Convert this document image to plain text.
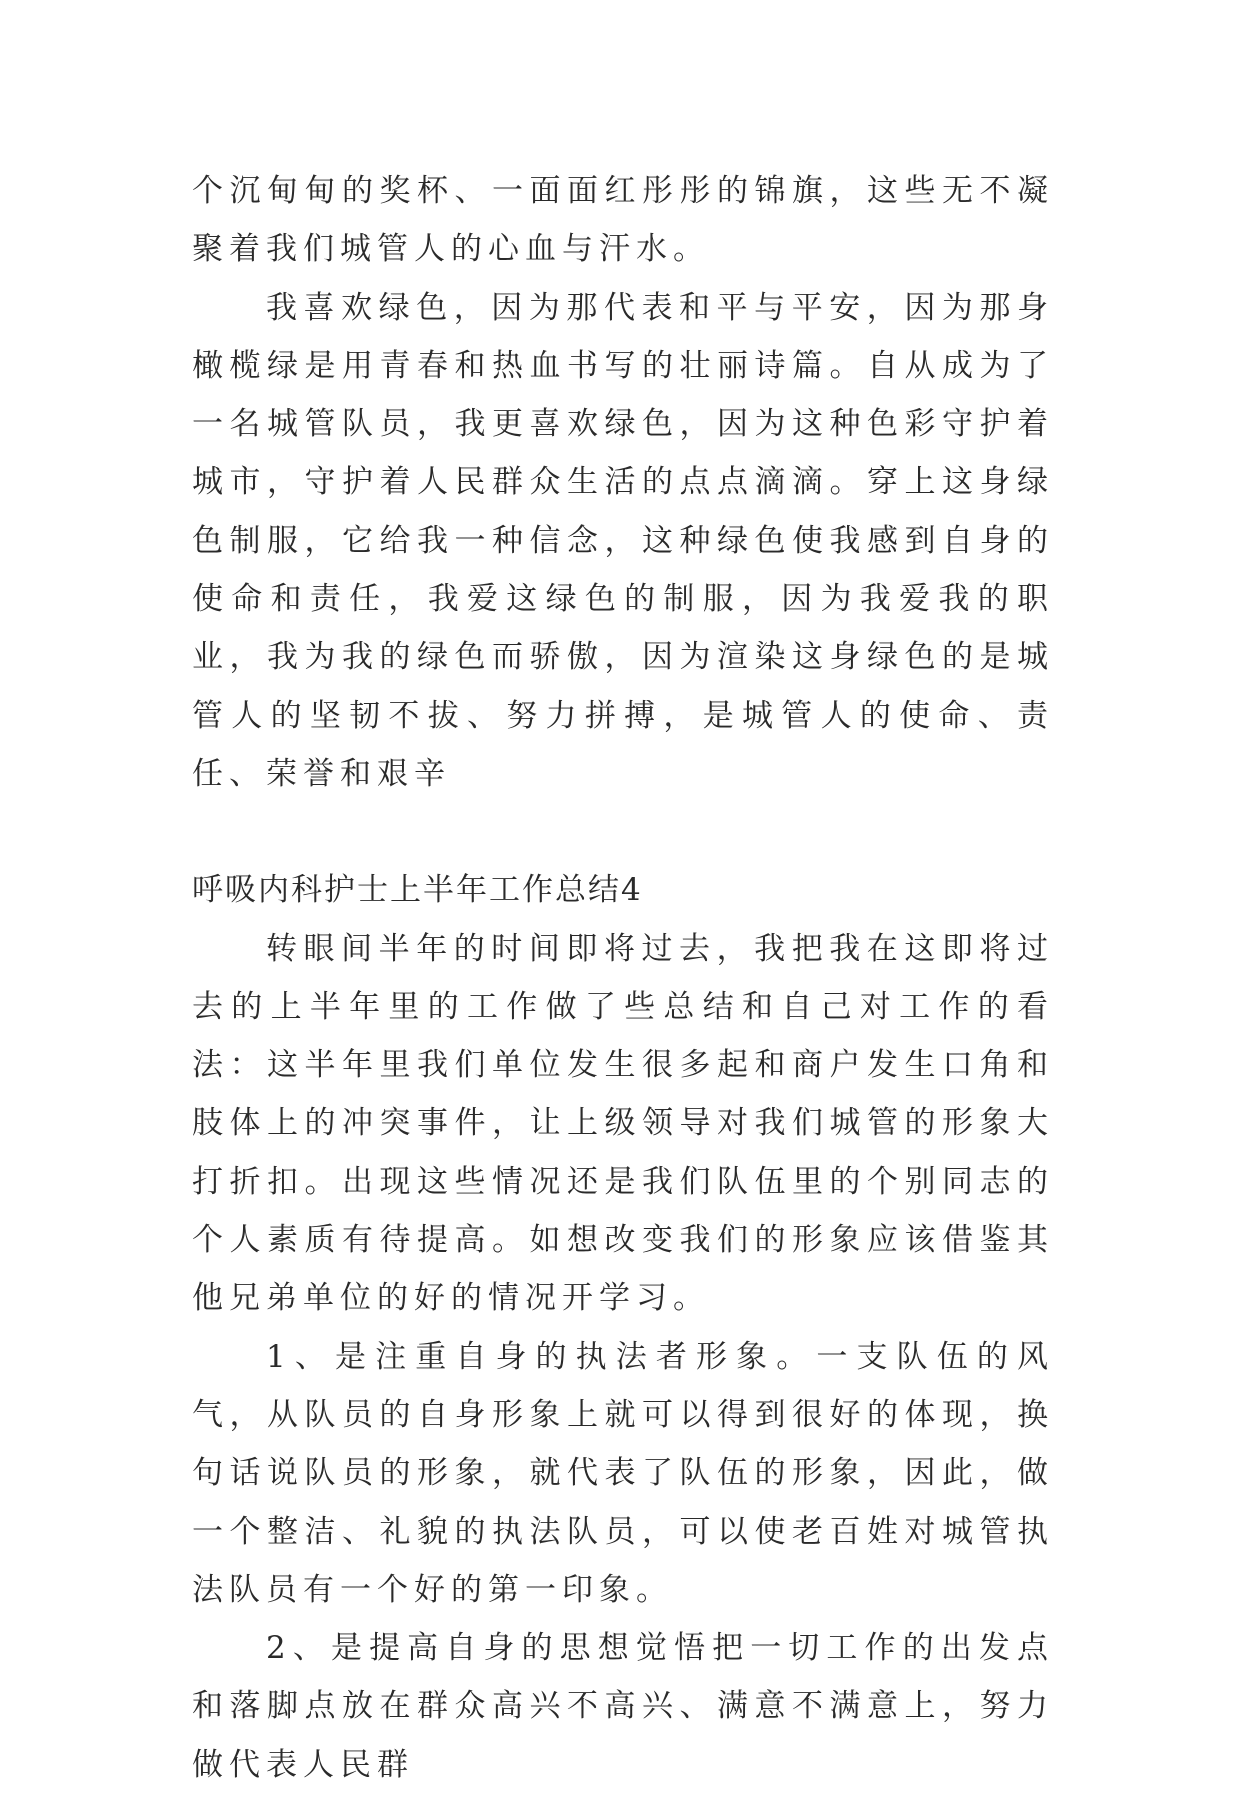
个沉甸甸的奖杯、一面面红彤彤的锦旗，这些无不凝聚着我们城管人的心血与汗水。

我喜欢绿色，因为那代表和平与平安，因为那身橄榄绿是用青春和热血书写的壮丽诗篇。自从成为了一名城管队员，我更喜欢绿色，因为这种色彩守护着城市，守护着人民群众生活的点点滴滴。穿上这身绿色制服，它给我一种信念，这种绿色使我感到自身的使命和责任，我爱这绿色的制服，因为我爱我的职业，我为我的绿色而骄傲，因为渲染这身绿色的是城管人的坚韧不拔、努力拼搏，是城管人的使命、责任、荣誉和艰辛

呼吸内科护士上半年工作总结4

转眼间半年的时间即将过去，我把我在这即将过去的上半年里的工作做了些总结和自己对工作的看法：这半年里我们单位发生很多起和商户发生口角和肢体上的冲突事件，让上级领导对我们城管的形象大打折扣。出现这些情况还是我们队伍里的个别同志的个人素质有待提高。如想改变我们的形象应该借鉴其他兄弟单位的好的情况开学习。

1、是注重自身的执法者形象。一支队伍的风气，从队员的自身形象上就可以得到很好的体现，换句话说队员的形象，就代表了队伍的形象，因此，做一个整洁、礼貌的执法队员，可以使老百姓对城管执法队员有一个好的第一印象。

2、是提高自身的思想觉悟把一切工作的出发点和落脚点放在群众高兴不高兴、满意不满意上，努力做代表人民群
